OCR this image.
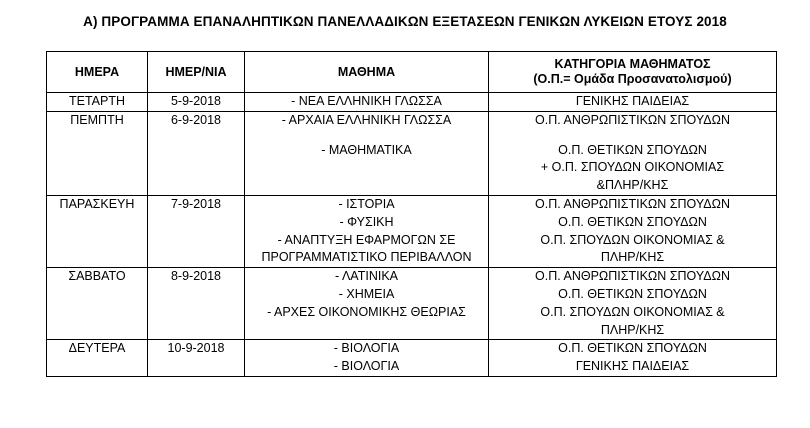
Α) ΠΡΟΓΡΑΜΜΑ ΕΠΑΝΑΛΗΠΤΙΚΩΝ ΠΑΝΕΛΛΑΔΙΚΩΝ ΕΞΕΤΑΣΕΩΝ ΓΕΝΙΚΩΝ ΛΥΚΕΙΩΝ ΕΤΟΥΣ 2018
ΗΜΕΡΑ	ΗΜΕΡ/ΝΙΑ	ΜΑΘΗΜΑ	ΚΑΤΗΓΟΡΙΑ ΜΑΘΗΜΑΤΟΣ
(Ο.Π.= Ομάδα Προσανατολισμού)

ΤΕΤΑΡΤΗ	5-9-2018	- ΝΕΑ ΕΛΛΗΝΙΚΗ ΓΛΩΣΣΑ	ΓΕΝΙΚΗΣ ΠΑΙΔΕΙΑΣ

ΠΕΜΠΤΗ	6-9-2018	- ΑΡΧΑΙΑ ΕΛΛΗΝΙΚΗ ΓΛΩΣΣΑ
- ΜΑΘΗΜΑΤΙΚΑ	Ο.Π. ΑΝΘΡΩΠΙΣΤΙΚΩΝ ΣΠΟΥΔΩΝ
Ο.Π. ΘΕΤΙΚΩΝ ΣΠΟΥΔΩΝ
+ Ο.Π. ΣΠΟΥΔΩΝ ΟΙΚΟΝΟΜΙΑΣ
&ΠΛΗΡ/ΚΗΣ

ΠΑΡΑΣΚΕΥΗ	7-9-2018	- ΙΣΤΟΡΙΑ
- ΦΥΣΙΚΗ
- ΑΝΑΠΤΥΞΗ ΕΦΑΡΜΟΓΩΝ ΣΕ
ΠΡΟΓΡΑΜΜΑΤΙΣΤΙΚΟ ΠΕΡΙΒΑΛΛΟΝ	Ο.Π. ΑΝΘΡΩΠΙΣΤΙΚΩΝ ΣΠΟΥΔΩΝ
Ο.Π. ΘΕΤΙΚΩΝ ΣΠΟΥΔΩΝ
Ο.Π. ΣΠΟΥΔΩΝ ΟΙΚΟΝΟΜΙΑΣ &
ΠΛΗΡ/ΚΗΣ

ΣΑΒΒΑΤΟ	8-9-2018	- ΛΑΤΙΝΙΚΑ
- ΧΗΜΕΙΑ
- ΑΡΧΕΣ ΟΙΚΟΝΟΜΙΚΗΣ ΘΕΩΡΙΑΣ	Ο.Π. ΑΝΘΡΩΠΙΣΤΙΚΩΝ ΣΠΟΥΔΩΝ
Ο.Π. ΘΕΤΙΚΩΝ ΣΠΟΥΔΩΝ
Ο.Π. ΣΠΟΥΔΩΝ ΟΙΚΟΝΟΜΙΑΣ &
ΠΛΗΡ/ΚΗΣ

ΔΕΥΤΕΡΑ	10-9-2018	- ΒΙΟΛΟΓΙΑ
- ΒΙΟΛΟΓΙΑ	Ο.Π. ΘΕΤΙΚΩΝ ΣΠΟΥΔΩΝ
ΓΕΝΙΚΗΣ ΠΑΙΔΕΙΑΣ
